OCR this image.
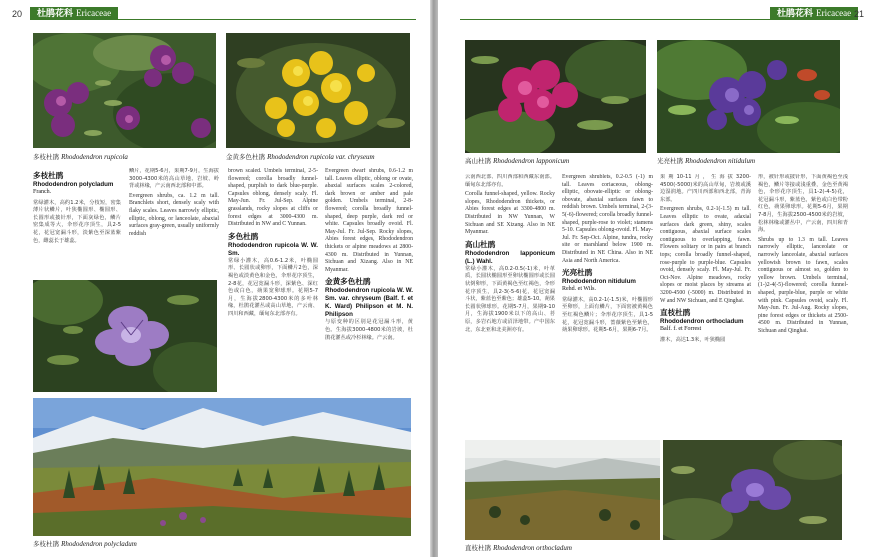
20	杜鹃花科 Ericaceae
多枝杜鹃 Rhododendron rupicola	金黄多色杜鹃 Rhododendron rupicola var. chryseum
多枝杜鹃
Rhododendron polycladum
Franch.

常绿灌木，高约1.2米，分枝短，密集薄片状鳞片，叶狭椭圆形、椭圆形、长圆形或披针形，下面灰绿色，鳞片密集成等大，伞形花序顶生，具2-5花，花冠宽漏斗形，淡紫色至深蓝紫色，雌蕊长于雄蕊。

鳞片，花期5-6月，果期7-9月，生海拔3000-4300米的高山草地、岩坡、岭背或林缘，产云南西北部和中部。

Evergreen shrubs, ca. 1.2 m tall. Branchlets short, densely scaly with flaky scales. Leaves narrowly elliptic, elliptic, oblong, or lanceolate, abaxial surfaces gray-green, usually uniformly reddish

brown scaled. Umbels terminal, 2-5-flowered; corolla broadly funnel-shaped, purplish to dark blue-purple. Capsules oblong, densely scaly. Fl. May-Jun. Fr. Jul-Sep. Alpine grasslands, rocky slopes at cliffs or forest edges at 3000-4300 m. Distributed in NW and C Yunnan.

多色杜鹃
Rhododendron rupicola W. W. Sm.

常绿小灌木，高0.6-1.2米，叶椭圆形、长圆状或卵形，下面鳞片2色，深褐色或淡黄色和金色，伞形花序顶生，2-8花，花冠宽漏斗形，深紫色、深红色或白色，蒴果宽卵球形。花期5-7月，生海拔2800-4300米的多叶林缘，杜鹃花灌丛或高山草地，产云南、四川和西藏，缅甸东北部亦有。

Evergreen dwarf shrubs, 0.6-1.2 m tall. Leaves elliptic, oblong or ovate, abaxial surfaces scales 2-colored, dark brown or amber and pale golden. Umbels terminal, 2-8-flowered; corolla broadly funnel-shaped, deep purple, dark red or white. Capsules broadly ovoid. Fl. May-Jul. Fr. Jul-Sep. Rocky slopes, Abies forest edges, Rhododendron thickets or alpine meadows at 2800-4300 m. Distributed in Yunnan, Sichuan and Xizang. Also in NE Myanmar.

金黄多色杜鹃
Rhododendron rupicola W. W. Sm. var. chryseum (Balf. f. et K. Ward) Philipson et M. N. Philipson

与原变种的区别是花冠漏斗形，黄色。生海拔3000-4800米的岩坡，杜鹃花灌丛或冷杉林缘。产云南。

多枝杜鹃 Rhododendron polycladum
杜鹃花科 Ericaceae 21
高山杜鹃 Rhododendron lapponicum	光亮杜鹃 Rhododendron nitidulum

云南西北部、四川西部和西藏东南部。缅甸东北部亦有。

Corolla funnel-shaped, yellow. Rocky slopes, Rhododendron thickets, or Abies forest edges at 3300-4800 m. Distributed in NW Yunnan, W Sichuan and SE Xizang. Also in NE Myanmar.

高山杜鹃
Rhododendron lapponicum (L.) Wahl.

常绿小灌木，高0.2-0.5(-1)米，叶革质，长圆状椭圆形至卵状椭圆形或长圆状倒卵形，下面黄褐色至红褐色，伞形花序顶生，具2-3(-5-6)花，花冠宽漏斗状，紫蓝色至紫色；雄蕊5-10。蒴果长圆状卵球形。花期5-7月，果期9-10月，生海拔1900米以下的高山、苔原，多岩石地方或沼泽地带。产中国东北，东北亚和北美洲亦有。

Evergreen shrublets, 0.2-0.5 (-1) m tall. Leaves coriaceous, oblong-elliptic, obovate-elliptic or oblong-obovate, abaxial surfaces fawn to reddish brown. Umbels terminal, 2-(3-5(-6)-flowered; corolla broadly funnel-shaped, purple-rose to violet; stamens 5-10. Capsules oblong-ovoid. Fl. May-Jul. Fr. Sep-Oct. Alpine, tundra, rocky site or marshland below 1900 m. Distributed in NE China. Also in NE Asia and North America.

光亮杜鹃
Rhododendron nitidulum
Rehd. et Wils.

常绿灌木，高0.2-1(-1.5)米，叶椭圆形至卵形，上面有鳞片，下面密被黄褐色至红褐色鳞片；伞形花序顶生，具1-5花，花冠宽漏斗形，蔷薇紫色至紫色，蒴果卵球形。花期5-6月，果期6-7月。

果期10-11月，生海拔3200-4500(-5000)米的高山草甸，岩坡或溪边湿润地。产四川西部和西北部，青海东部。

Evergreen shrubs, 0.2-1(-1.5) m tall. Leaves elliptic to ovate, adaxial surfaces dark green, shiny, scales contiguous, abaxial surface scales contiguous to overlapping, fawn. Flowers solitary or in pairs at branch tops; corolla broadly funnel-shaped, rose-purple to purple-blue. Capsules ovoid, densely scaly. Fl. May-Jul. Fr. Oct-Nov. Alpine meadows, rocky slopes or moist places by streams at 3200-4500 (-5000) m. Distributed in W and NW Sichuan, and E Qinghai.

直枝杜鹃
Rhododendron orthocladum
Balf. f. et Forrest

灌木，高达1.3米，叶狭椭圆

形，被针形或披针形，下面黄褐色至浅褐色，鳞片等接或浅重叠，金色至黄褐色，伞形花序顶生，具1-2(-4-5)花，花冠漏斗形，紫蓝色，紫色或白色带粉红色，蒴果卵球形。花期5-6月，果期7-8月，生海拔2500-4500米的岩坡，松林林缘或灌丛中，产云南，四川和青海。

Shrubs up to 1.3 m tall. Leaves narrowly elliptic, lanceolate or narrowly lanceolate, abaxial surfaces yellowish brown to fawn, scales contiguous or almost so, golden to yellow brown. Umbels terminal, (1-)2-4(-5)-flowered; corolla funnel-shaped, purple-blue, purple or white with pink. Capsules ovoid, scaly. Fl. May-Jun. Fr. Jul-Aug. Rocky slopes, pine forest edges or thickets at 2500-4500 m. Distributed in Yunnan, Sichuan and Qinghai.

直枝杜鹃 Rhododendron orthocladum
